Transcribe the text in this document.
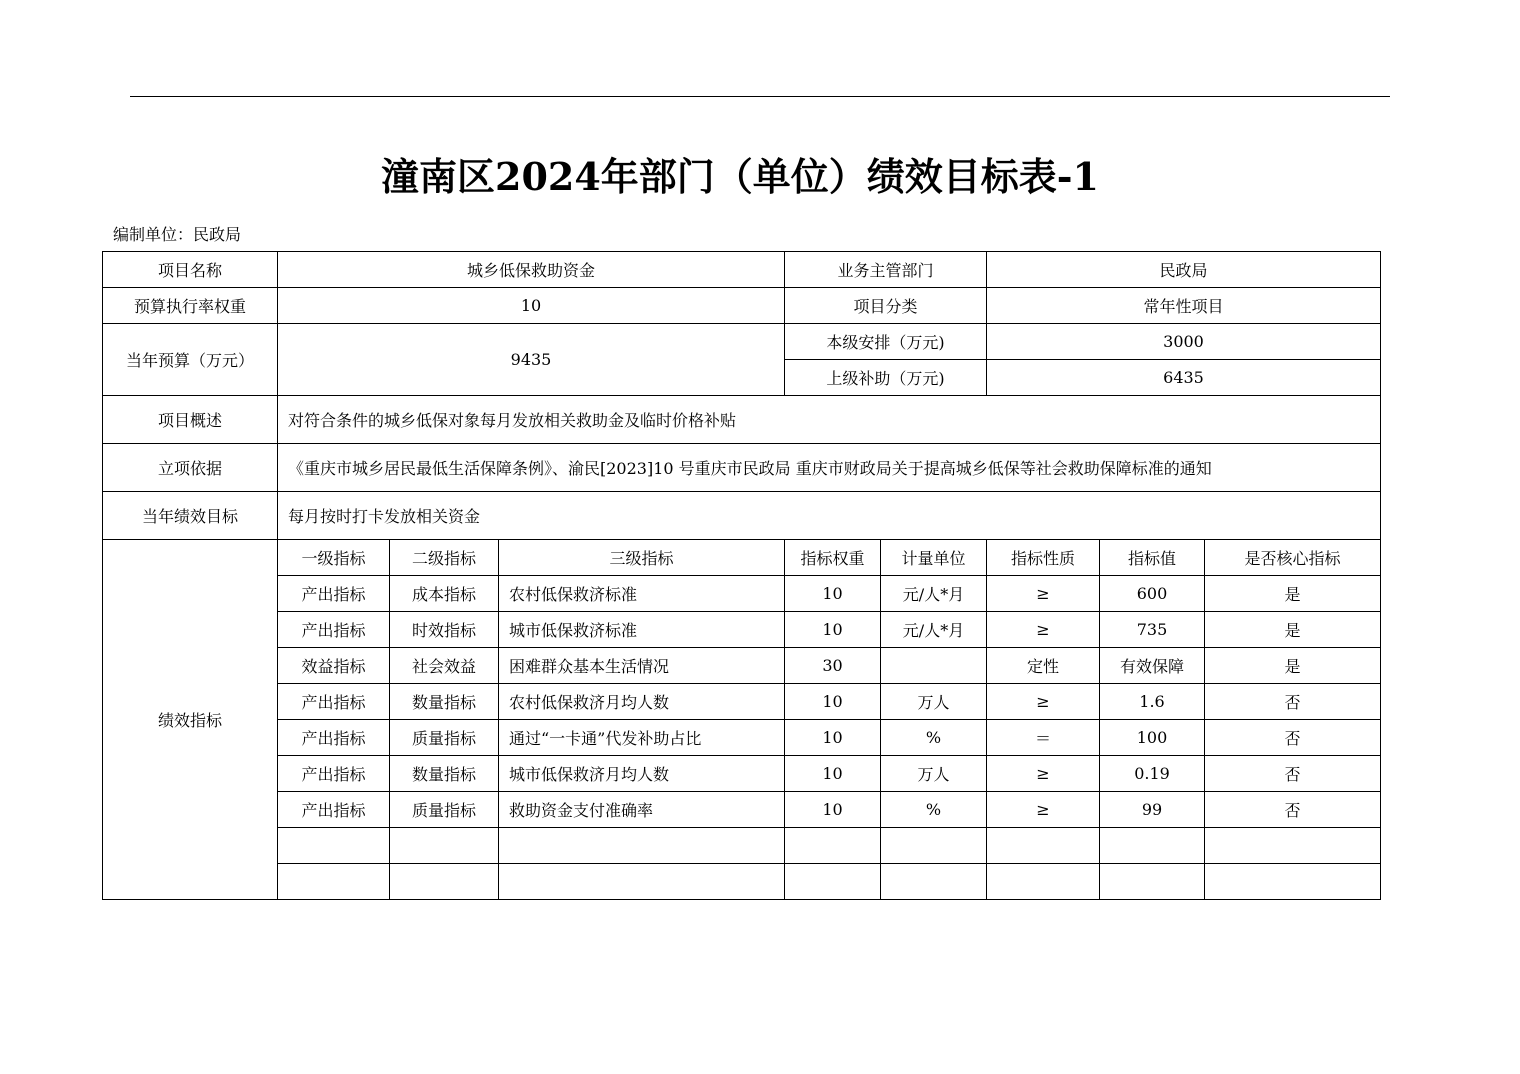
潼南区2024年部门（单位）绩效目标表-1
编制单位：民政局
项目名称	城乡低保救助资金			业务主管部门		民政局		
预算执行率权重	10			项目分类		常年性项目		
当年预算（万元）	9435			本级安排（万元)		3000		
				上级补助（万元)		6435		
项目概述	对符合条件的城乡低保对象每月发放相关救助金及临时价格补贴							
立项依据	《重庆市城乡居民最低生活保障条例》、渝民[2023]10 号重庆市民政局 重庆市财政局关于提高城乡低保等社会救助保障标准的通知							
当年绩效目标	每月按时打卡发放相关资金							
绩效指标	一级指标	二级指标	三级指标	指标权重	计量单位	指标性质	指标值	是否核心指标
	产出指标	成本指标	农村低保救济标准	10	元/人*月	≥	600	是
	产出指标	时效指标	城市低保救济标准	10	元/人*月	≥	735	是
	效益指标	社会效益	困难群众基本生活情况	30		定性	有效保障	是
	产出指标	数量指标	农村低保救济月均人数	10	万人	≥	1.6	否
	产出指标	质量指标	通过“一卡通”代发补助占比	10	%	＝	100	否
	产出指标	数量指标	城市低保救济月均人数	10	万人	≥	0.19	否
	产出指标	质量指标	救助资金支付准确率	10	%	≥	99	否
